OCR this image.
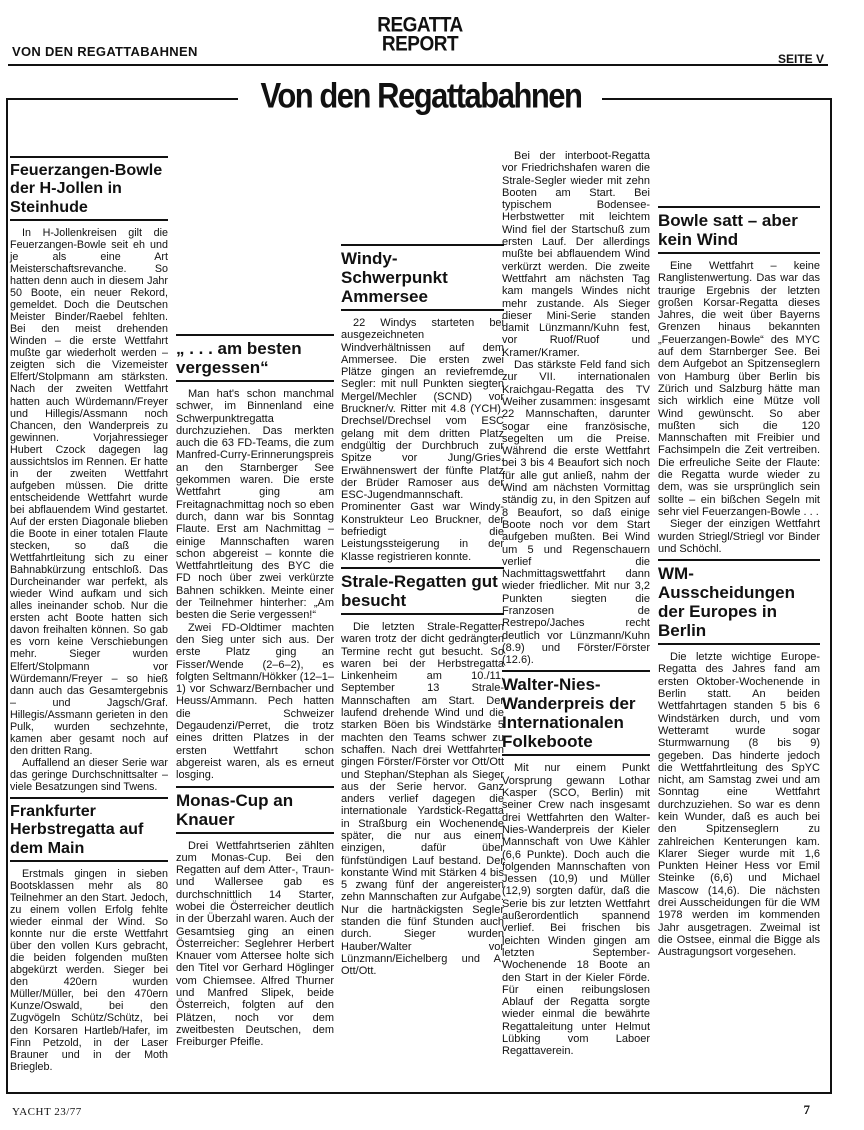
VON DEN REGATTABAHNEN
REGATTA
REPORT
SEITE V
Von den Regattabahnen
Feuerzangen-Bowle der H-Jollen in Steinhude

In H-Jollenkreisen gilt die Feuerzangen-Bowle seit eh und je als eine Art Meisterschaftsrevanche. So hatten denn auch in diesem Jahr 50 Boote, ein neuer Rekord, gemeldet. Doch die Deutschen Meister Binder/Raebel fehlten. Bei den meist drehenden Winden – die erste Wettfahrt mußte gar wiederholt werden – zeigten sich die Vizemeister Elfert/Stolpmann am stärksten. Nach der zweiten Wettfahrt hatten auch Würdemann/Freyer und Hillegis/Assmann noch Chancen, den Wanderpreis zu gewinnen. Vorjahressieger Hubert Czock dagegen lag aussichtslos im Rennen. Er hatte in der zweiten Wettfahrt aufgeben müssen. Die dritte entscheidende Wettfahrt wurde bei abflauendem Wind gestartet. Auf der ersten Diagonale blieben die Boote in einer totalen Flaute stecken, so daß die Wettfahrtleitung sich zu einer Bahnabkürzung entschloß. Das Durcheinander war perfekt, als wieder Wind aufkam und sich alles ineinander schob. Nur die ersten acht Boote hatten sich davon freihalten können. So gab es vorn keine Verschiebungen mehr. Sieger wurden Elfert/Stolpmann vor Würdemann/Freyer – so hieß dann auch das Gesamtergebnis – und Jagsch/Graf. Hillegis/Assmann gerieten in den Pulk, wurden sechzehnte, kamen aber gesamt noch auf den dritten Rang.

Auffallend an dieser Serie war das geringe Durchschnittsalter – viele Besatzungen sind Twens.

Frankfurter Herbstregatta auf dem Main

Erstmals gingen in sieben Bootsklassen mehr als 80 Teilnehmer an den Start. Jedoch, zu einem vollen Erfolg fehlte wieder einmal der Wind. So konnte nur die erste Wettfahrt über den vollen Kurs gebracht, die beiden folgenden mußten abgekürzt werden. Sieger bei den 420ern wurden Müller/Müller, bei den 470ern Kunze/Oswald, bei den Zugvögeln Schütz/Schütz, bei den Korsaren Hartleb/Hafer, im Finn Petzold, in der Laser Brauner und in der Moth Briegleb.

„ . . . am besten vergessen“

Man hat's schon manchmal schwer, im Binnenland eine Schwerpunktregatta durchzuziehen. Das merkten auch die 63 FD-Teams, die zum Manfred-Curry-Erinnerungspreis an den Starnberger See gekommen waren. Die erste Wettfahrt ging am Freitagnachmittag noch so eben durch, dann war bis Sonntag Flaute. Erst am Nachmittag – einige Mannschaften waren schon abgereist – konnte die Wettfahrtleitung des BYC die FD noch über zwei verkürzte Bahnen schikken. Meinte einer der Teilnehmer hinterher: „Am besten die Serie vergessen!“

Zwei FD-Oldtimer machten den Sieg unter sich aus. Der erste Platz ging an Fisser/Wende (2–6–2), es folgten Seltmann/Hökker (12–1–1) vor Schwarz/Bernbacher und Heuss/Ammann. Pech hatten die Schweizer Degaudenzi/Perret, die trotz eines dritten Platzes in der ersten Wettfahrt schon abgereist waren, als es erneut losging.

Monas-Cup an Knauer

Drei Wettfahrtserien zählten zum Monas-Cup. Bei den Regatten auf dem Atter-, Traun- und Wallersee gab es durchschnittlich 14 Starter, wobei die Österreicher deutlich in der Überzahl waren. Auch der Gesamtsieg ging an einen Österreicher: Seglehrer Herbert Knauer vom Attersee holte sich den Titel vor Gerhard Höglinger vom Chiemsee. Alfred Thurner und Manfred Slipek, beide Österreich, folgten auf den Plätzen, noch vor dem zweitbesten Deutschen, dem Freiburger Pfeifle.

Windy-Schwerpunkt Ammersee

22 Windys starteten bei ausgezeichneten Windverhältnissen auf dem Ammersee. Die ersten zwei Plätze gingen an reviefremde Segler: mit null Punkten siegten Mergel/Mechler (SCND) vor Bruckner/v. Ritter mit 4.8 (YCH). Drechsel/Drechsel vom ESC gelang mit dem dritten Platz endgültig der Durchbruch zur Spitze vor Jung/Gries. Erwähnenswert der fünfte Platz der Brüder Ramoser aus der ESC-Jugendmannschaft. Prominenter Gast war Windy-Konstrukteur Leo Bruckner, der befriedigt die Leistungssteigerung in der Klasse registrieren konnte.

Strale-Regatten gut besucht

Die letzten Strale-Regatten waren trotz der dicht gedrängten Termine recht gut besucht. So waren bei der Herbstregatta Linkenheim am 10./11. September 13 Strale-Mannschaften am Start. Der laufend drehende Wind und die starken Böen bis Windstärke 5 machten den Teams schwer zu schaffen. Nach drei Wettfahrten gingen Förster/Förster vor Ott/Ott und Stephan/Stephan als Sieger aus der Serie hervor. Ganz anders verlief dagegen die internationale Yardstick-Regatta in Straßburg ein Wochenende später, die nur aus einem einzigen, dafür über fünfstündigen Lauf bestand. Der konstante Wind mit Stärken 4 bis 5 zwang fünf der angereisten zehn Mannschaften zur Aufgabe. Nur die hartnäckigsten Segler standen die fünf Stunden auch durch. Sieger wurden Hauber/Walter vor Lünzmann/Eichelberg und A. Ott/Ott.

Bei der interboot-Regatta vor Friedrichshafen waren die Strale-Segler wieder mit zehn Booten am Start. Bei typischem Bodensee-Herbstwetter mit leichtem Wind fiel der Startschuß zum ersten Lauf. Der allerdings mußte bei abflauendem Wind verkürzt werden. Die zweite Wettfahrt am nächsten Tag kam mangels Windes nicht mehr zustande. Als Sieger dieser Mini-Serie standen damit Lünzmann/Kuhn fest, vor Ruof/Ruof und Kramer/Kramer.

Das stärkste Feld fand sich zur VII. internationalen Kraichgau-Regatta des TV Weiher zusammen: insgesamt 22 Mannschaften, darunter sogar eine französische, segelten um die Preise. Während die erste Wettfahrt bei 3 bis 4 Beaufort sich noch für alle gut anließ, nahm der Wind am nächsten Vormittag ständig zu, in den Spitzen auf 8 Beaufort, so daß einige Boote noch vor dem Start aufgeben mußten. Bei Wind um 5 und Regenschauern verlief die Nachmittagswettfahrt dann wieder friedlicher. Mit nur 3,2 Punkten siegten die Franzosen de Restrepo/Jaches recht deutlich vor Lünzmann/Kuhn (8.9) und Förster/Förster (12.6).

Walter-Nies-Wanderpreis der Internationalen Folkeboote

Mit nur einem Punkt Vorsprung gewann Lothar Kasper (SCO, Berlin) mit seiner Crew nach insgesamt drei Wettfahrten den Walter-Nies-Wanderpreis der Kieler Mannschaft von Uwe Kähler (6,6 Punkte). Doch auch die folgenden Mannschaften von Jessen (10,9) und Müller (12,9) sorgten dafür, daß die Serie bis zur letzten Wettfahrt außerordentlich spannend verlief. Bei frischen bis leichten Winden gingen am letzten September-Wochenende 18 Boote an den Start in der Kieler Förde. Für einen reibungslosen Ablauf der Regatta sorgte wieder einmal die bewährte Regattaleitung unter Helmut Lübking vom Laboer Regattaverein.

Bowle satt – aber kein Wind

Eine Wettfahrt – keine Ranglistenwertung. Das war das traurige Ergebnis der letzten großen Korsar-Regatta dieses Jahres, die weit über Bayerns Grenzen hinaus bekannten „Feuerzangen-Bowle“ des MYC auf dem Starnberger See. Bei dem Aufgebot an Spitzenseglern von Hamburg über Berlin bis Zürich und Salzburg hätte man sich wirklich eine Mütze voll Wind gewünscht. So aber mußten sich die 120 Mannschaften mit Freibier und Fachsimpeln die Zeit vertreiben. Die erfreuliche Seite der Flaute: die Regatta wurde wieder zu dem, was sie ursprünglich sein sollte – ein bißchen Segeln mit sehr viel Feuerzangen-Bowle . . .

Sieger der einzigen Wettfahrt wurden Striegl/Striegl vor Binder und Schöchl.

WM-Ausscheidungen der Europes in Berlin

Die letzte wichtige Europe-Regatta des Jahres fand am ersten Oktober-Wochenende in Berlin statt. An beiden Wettfahrtagen standen 5 bis 6 Windstärken durch, und vom Wetteramt wurde sogar Sturmwarnung (8 bis 9) gegeben. Das hinderte jedoch die Wettfahrtleitung des SpYC nicht, am Samstag zwei und am Sonntag eine Wettfahrt durchzuziehen. So war es denn kein Wunder, daß es auch bei den Spitzenseglern zu zahlreichen Kenterungen kam. Klarer Sieger wurde mit 1,6 Punkten Heiner Hess vor Emil Steinke (6,6) und Michael Mascow (14,6). Die nächsten drei Ausscheidungen für die WM 1978 werden im kommenden Jahr ausgetragen. Zweimal ist die Ostsee, einmal die Bigge als Austragungsort vorgesehen.

YACHT 23/77	7
